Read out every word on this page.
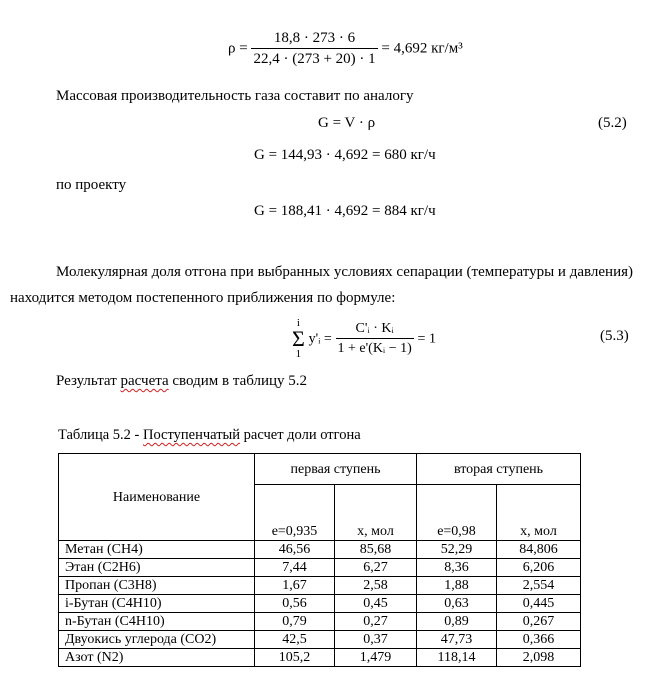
$\rho = \frac{18,8 \cdot 273 \cdot 6}{22,4 \cdot (273 + 20) \cdot 1} = 4,692$ кг/м³
Массовая производительность газа составит по аналогу
G = V · ρ	(5.2)
G = 144,93 · 4,692 = 680 кг/ч
по проекту
G = 188,41 · 4,692 = 884 кг/ч
Молекулярная доля отгона при выбранных условиях сепарации (температуры и давления) находится методом постепенного приближения по формуле:
i
Σ
1 y'ᵢ = $\frac{\text{C'ᵢ · Kᵢ}}{\text{1 + e'(Kᵢ − 1)}} = 1$	(5.3)
Результат расчета сводим в таблицу 5.2
Таблица 5.2 - Поступенчатый расчет доли отгона
Наименование	первая ступень		вторая ступень	
	e=0,935	x, мол	e=0,98	x, мол
Метан (СН4)	46,56	85,68	52,29	84,806
Этан (С2Н6)	7,44	6,27	8,36	6,206
Пропан (С3Н8)	1,67	2,58	1,88	2,554
i-Бутан (С4Н10)	0,56	0,45	0,63	0,445
n-Бутан (С4Н10)	0,79	0,27	0,89	0,267
Двуокись углерода (СО2)	42,5	0,37	47,73	0,366
Азот (N2)	105,2	1,479	118,14	2,098
